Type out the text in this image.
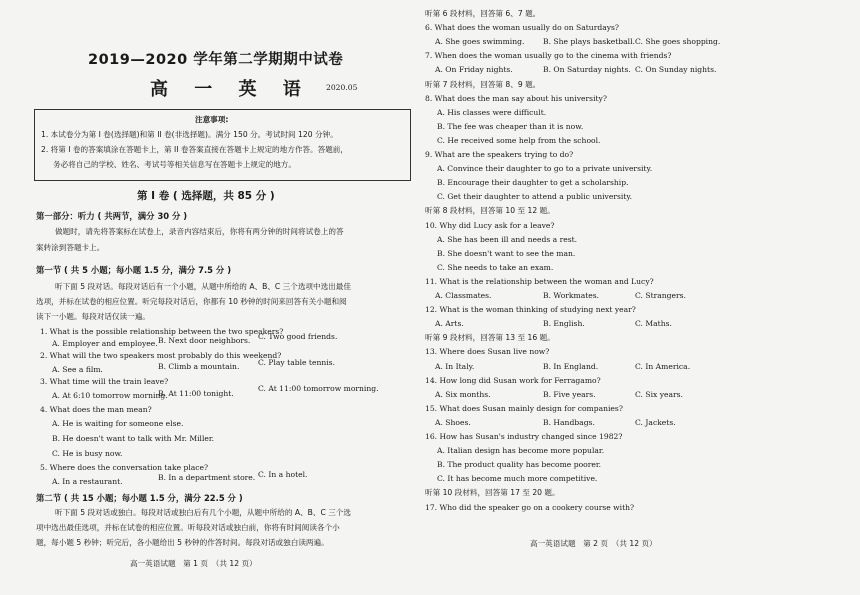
2019—2020 学年第二学期期中试卷
高 一 英 语 2020.05
注意事项:
1. 本试卷分为第 I 卷(选择题)和第 II 卷(非选择题)。满分 150 分。考试时间 120 分钟。
2. 将第 I 卷的答案填涂在答题卡上，第 II 卷答案直接在答题卡上规定的地方作答。答题前，
务必将自己的学校、姓名、考试号等相关信息写在答题卡上规定的地方。
第 I 卷 ( 选择题，共 85 分 )
第一部分：听力 ( 共两节，满分 30 分 )
做题时，请先将答案标在试卷上，录音内容结束后，你将有两分钟的时间将试卷上的答
案转涂到答题卡上。
第一节 ( 共 5 小题；每小题 1.5 分，满分 7.5 分 )
听下面 5 段对话。每段对话后有一个小题，从题中所给的 A、B、C 三个选项中选出最佳
选项，并标在试卷的相应位置。听完每段对话后，你都有 10 秒钟的时间来回答有关小题和阅
读下一小题。每段对话仅读一遍。
1. What is the possible relationship between the two speakers?
A. Employer and employee. B. Next door neighbors. C. Two good friends.
2. What will the two speakers most probably do this weekend?
A. See a film.	B. Climb a mountain. C. Play table tennis.
3. What time will the train leave?
A. At 6:10 tomorrow morning.
B. At 11:00 tonight.
C. At 11:00 tomorrow morning.
4. What does the man mean?
A. He is waiting for someone else.
B. He doesn't want to talk with Mr. Miller.
C. He is busy now.
5. Where does the conversation take place?
A. In a restaurant.	B. In a department store. C. In a hotel.
第二节 ( 共 15 小题；每小题 1.5 分，满分 22.5 分 )
听下面 5 段对话或独白。每段对话或独白后有几个小题，从题中所给的 A、B、C 三个选
项中选出最佳选项，并标在试卷的相应位置。听每段对话或独白前，你将有时间阅读各个小
题，每小题 5 秒钟；听完后，各小题给出 5 秒钟的作答时间。每段对话或独白读两遍。
高一英语试题　第 1 页　（共 12 页）
听第 6 段材料，回答第 6、7 题。
6. What does the woman usually do on Saturdays?
A. She goes swimming. B. She plays basketball. C. She goes shopping.
7. When does the woman usually go to the cinema with friends?
A. On Friday nights.	B. On Saturday nights. C. On Sunday nights.
听第 7 段材料，回答第 8、9 题。
8. What does the man say about his university?
A. His classes were difficult.
B. The fee was cheaper than it is now.
C. He received some help from the school.
9. What are the speakers trying to do?
A. Convince their daughter to go to a private university.
B. Encourage their daughter to get a scholarship.
C. Get their daughter to attend a public university.
听第 8 段材料，回答第 10 至 12 题。
10. Why did Lucy ask for a leave?
A. She has been ill and needs a rest.
B. She doesn't want to see the man.
C. She needs to take an exam.
11. What is the relationship between the woman and Lucy?
A. Classmates.	B. Workmates.	C. Strangers.
12. What is the woman thinking of studying next year?
A. Arts.	B. English.	C. Maths.
听第 9 段材料，回答第 13 至 16 题。
13. Where does Susan live now?
A. In Italy.	B. In England.	C. In America.
14. How long did Susan work for Ferragamo?
A. Six months.	B. Five years.	C. Six years.
15. What does Susan mainly design for companies?
A. Shoes.	B. Handbags.	C. Jackets.
16. How has Susan's industry changed since 1982?
A. Italian design has become more popular.
B. The product quality has become poorer.
C. It has become much more competitive.
听第 10 段材料，回答第 17 至 20 题。
17. Who did the speaker go on a cookery course with?
高一英语试题　第 2 页　（共 12 页）
